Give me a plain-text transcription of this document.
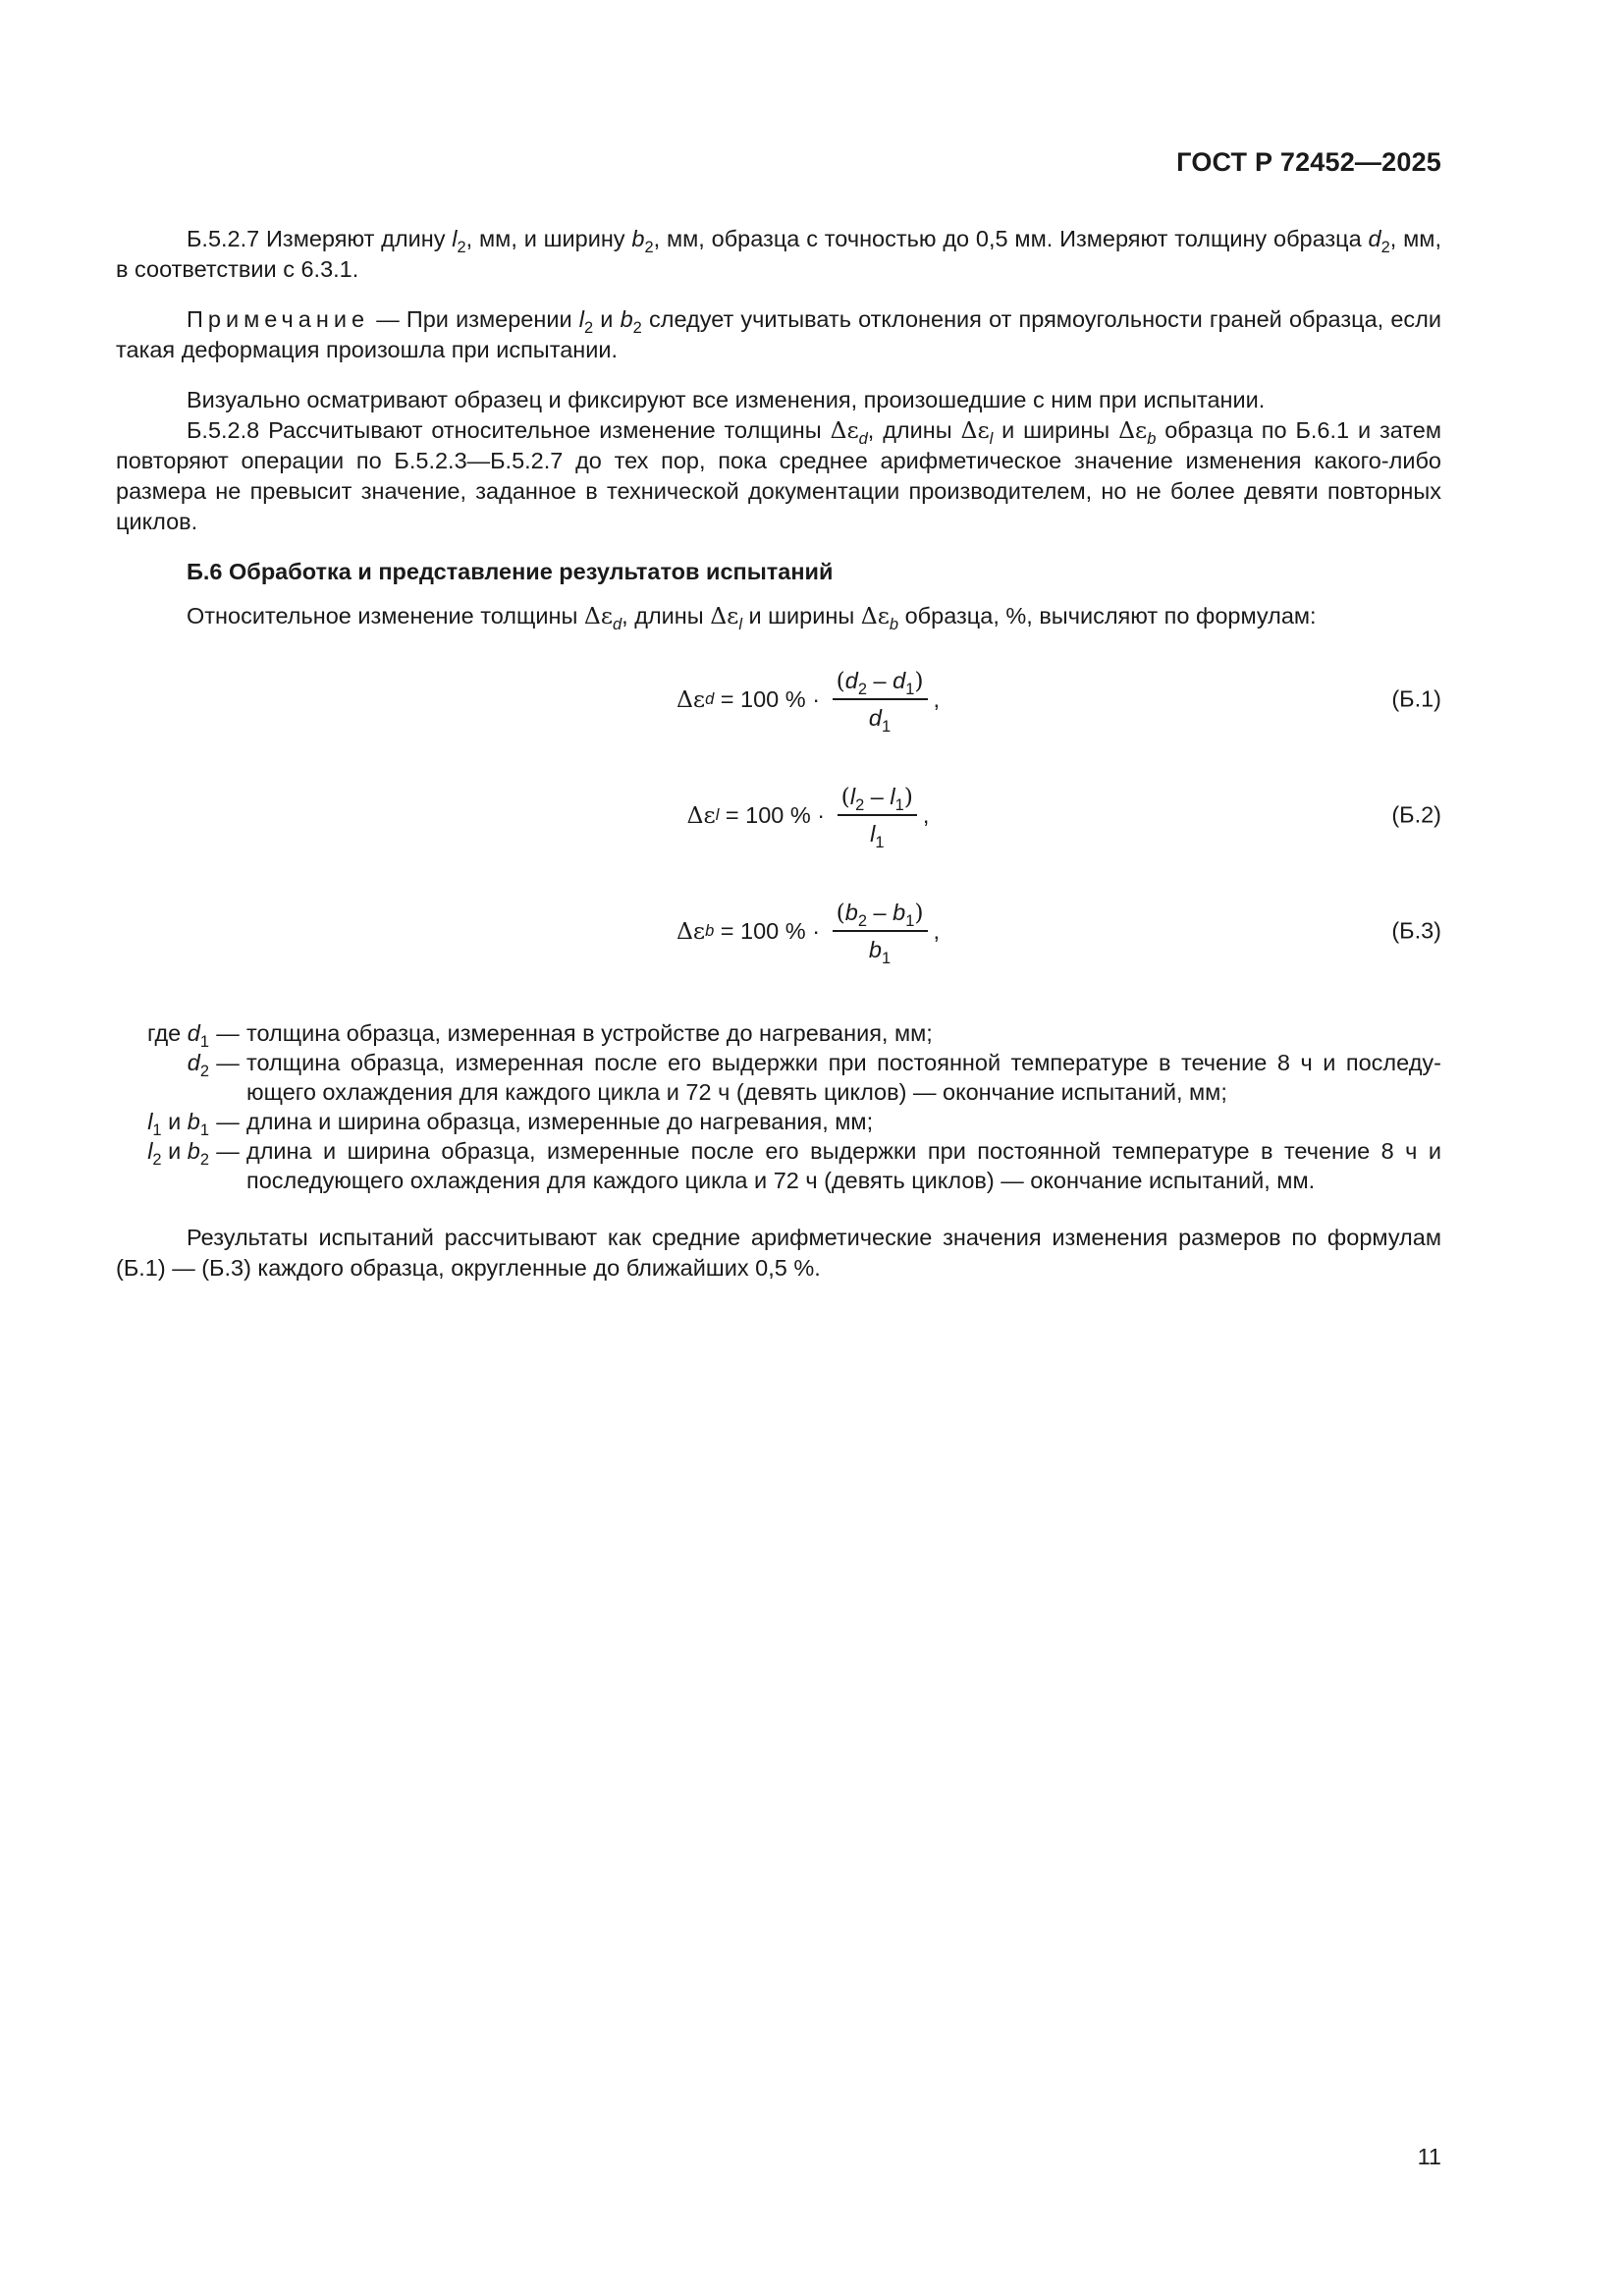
ГОСТ Р 72452—2025

Б.5.2.7 Измеряют длину $l_2$, мм, и ширину $b_2$, мм, образца с точностью до 0,5 мм. Измеряют толщину образца $d_2$, мм, в соответствии с 6.3.1.

Примечание — При измерении $l_2$ и $b_2$ следует учитывать отклонения от прямоугольности граней образца, если такая деформация произошла при испытании.

Визуально осматривают образец и фиксируют все изменения, произошедшие с ним при испытании.

Б.5.2.8 Рассчитывают относительное изменение толщины $\Delta\varepsilon_d$, длины $\Delta\varepsilon_l$ и ширины $\Delta\varepsilon_b$ образца по Б.6.1 и затем повторяют операции по Б.5.2.3—Б.5.2.7 до тех пор, пока среднее арифметическое значение изменения какого-либо размера не превысит значение, заданное в технической документации производителем, но не более девяти повторных циклов.

Б.6 Обработка и представление результатов испытаний

Относительное изменение толщины $\Delta\varepsilon_d$, длины $\Delta\varepsilon_l$ и ширины $\Delta\varepsilon_b$ образца, %, вычисляют по формулам:

Δε d = 100 % · $\frac{(d_2 - d_1)}{d_1}$ ,	(Б.1)
Δε l = 100 % · $\frac{(l_2 - l_1)}{l_1}$ ,	(Б.2)
Δε b = 100 % · $\frac{(b_2 - b_1)}{b_1}$ ,	(Б.3)
где $d_1$ — толщина образца, измеренная в устройстве до нагревания, мм;
$d_2$ — толщина образца, измеренная после его выдержки при постоянной температуре в течение 8 ч и последующего охлаждения для каждого цикла и 72 ч (девять циклов) — окончание испытаний, мм;
$l_1$ и $b_1$ — длина и ширина образца, измеренные до нагревания, мм;
$l_2$ и $b_2$ — длина и ширина образца, измеренные после его выдержки при постоянной температуре в течение 8 ч и последующего охлаждения для каждого цикла и 72 ч (девять циклов) — окончание испытаний, мм.

Результаты испытаний рассчитывают как средние арифметические значения изменения размеров по формулам (Б.1) — (Б.3) каждого образца, округленные до ближайших 0,5 %.

11
